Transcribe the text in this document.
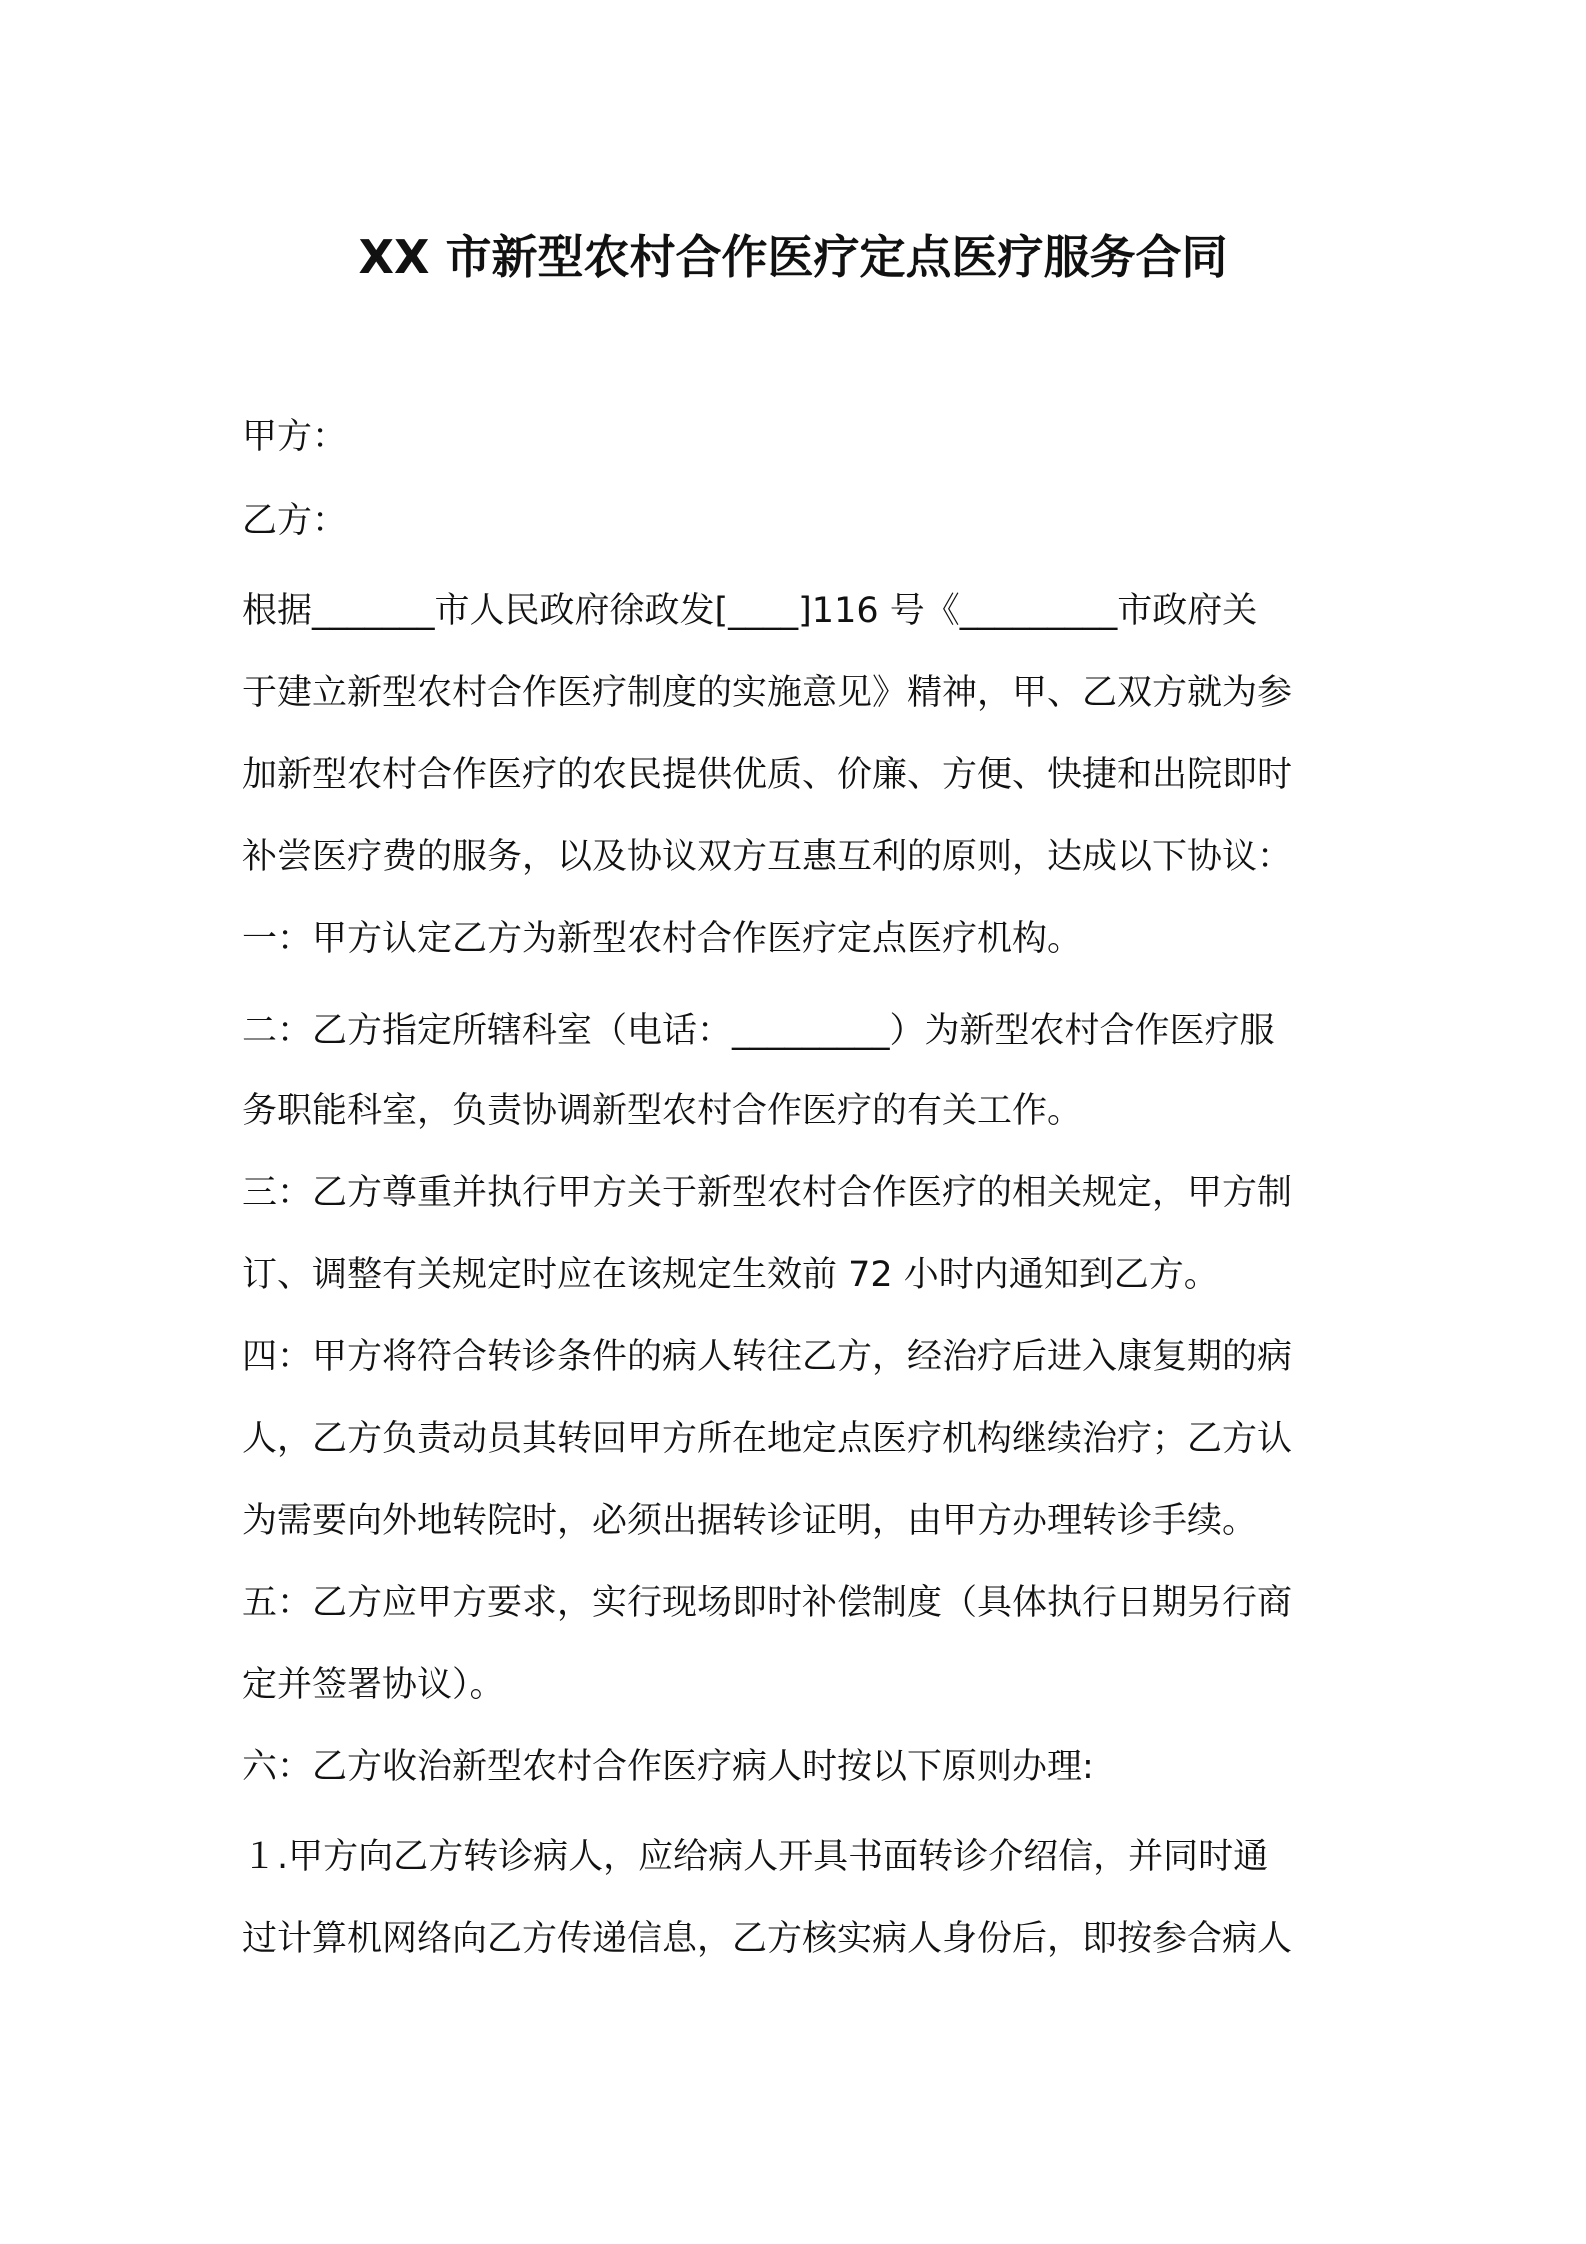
XX 市新型农村合作医疗定点医疗服务合同
甲方：
乙方：
根据_______市人民政府徐政发[____]116 号《_________市政府关
于建立新型农村合作医疗制度的实施意见》精神，甲、乙双方就为参
加新型农村合作医疗的农民提供优质、价廉、方便、快捷和出院即时
补尝医疗费的服务，以及协议双方互惠互利的原则，达成以下协议：
一：甲方认定乙方为新型农村合作医疗定点医疗机构。
二：乙方指定所辖科室（电话：_________）为新型农村合作医疗服
务职能科室，负责协调新型农村合作医疗的有关工作。
三：乙方尊重并执行甲方关于新型农村合作医疗的相关规定，甲方制
订、调整有关规定时应在该规定生效前 72 小时内通知到乙方。
四：甲方将符合转诊条件的病人转往乙方，经治疗后进入康复期的病
人，乙方负责动员其转回甲方所在地定点医疗机构继续治疗；乙方认
为需要向外地转院时，必须出据转诊证明，由甲方办理转诊手续。
五：乙方应甲方要求，实行现场即时补偿制度（具体执行日期另行商
定并签署协议）。
六：乙方收治新型农村合作医疗病人时按以下原则办理:
１.甲方向乙方转诊病人，应给病人开具书面转诊介绍信，并同时通
过计算机网络向乙方传递信息，乙方核实病人身份后，即按参合病人
